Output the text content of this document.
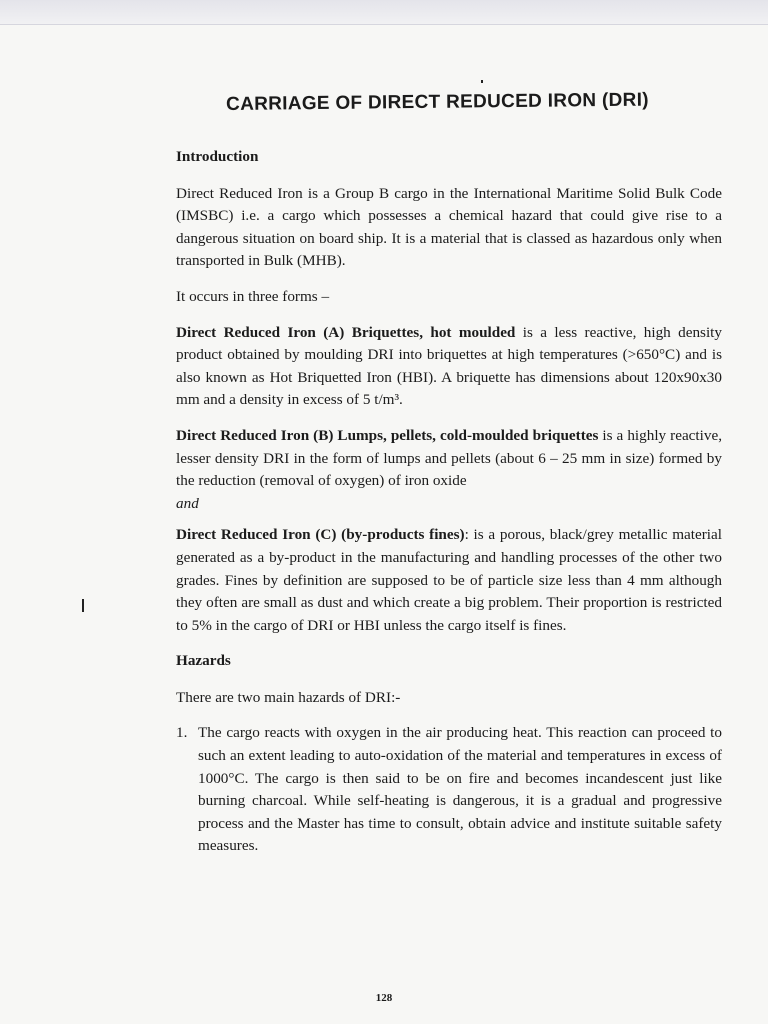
CARRIAGE OF DIRECT REDUCED IRON (DRI)
Introduction

Direct Reduced Iron is a Group B cargo in the International Maritime Solid Bulk Code (IMSBC) i.e. a cargo which possesses a chemical hazard that could give rise to a dangerous situation on board ship. It is a material that is classed as hazardous only when transported in Bulk (MHB).

It occurs in three forms –

Direct Reduced Iron (A) Briquettes, hot moulded is a less reactive, high density product obtained by moulding DRI into briquettes at high temperatures (>650°C) and is also known as Hot Briquetted Iron (HBI). A briquette has dimensions about 120x90x30 mm and a density in excess of 5 t/m³.

Direct Reduced Iron (B) Lumps, pellets, cold-moulded briquettes is a highly reactive, lesser density DRI in the form of lumps and pellets (about 6 – 25 mm in size) formed by the reduction (removal of oxygen) of iron oxide
and

Direct Reduced Iron (C) (by-products fines): is a porous, black/grey metallic material generated as a by-product in the manufacturing and handling processes of the other two grades. Fines by definition are supposed to be of particle size less than 4 mm although they often are small as dust and which create a big problem. Their proportion is restricted to 5% in the cargo of DRI or HBI unless the cargo itself is fines.

Hazards

There are two main hazards of DRI:-

1. The cargo reacts with oxygen in the air producing heat. This reaction can proceed to such an extent leading to auto-oxidation of the material and temperatures in excess of 1000°C. The cargo is then said to be on fire and becomes incandescent just like burning charcoal. While self-heating is dangerous, it is a gradual and progressive process and the Master has time to consult, obtain advice and institute suitable safety measures.
128
